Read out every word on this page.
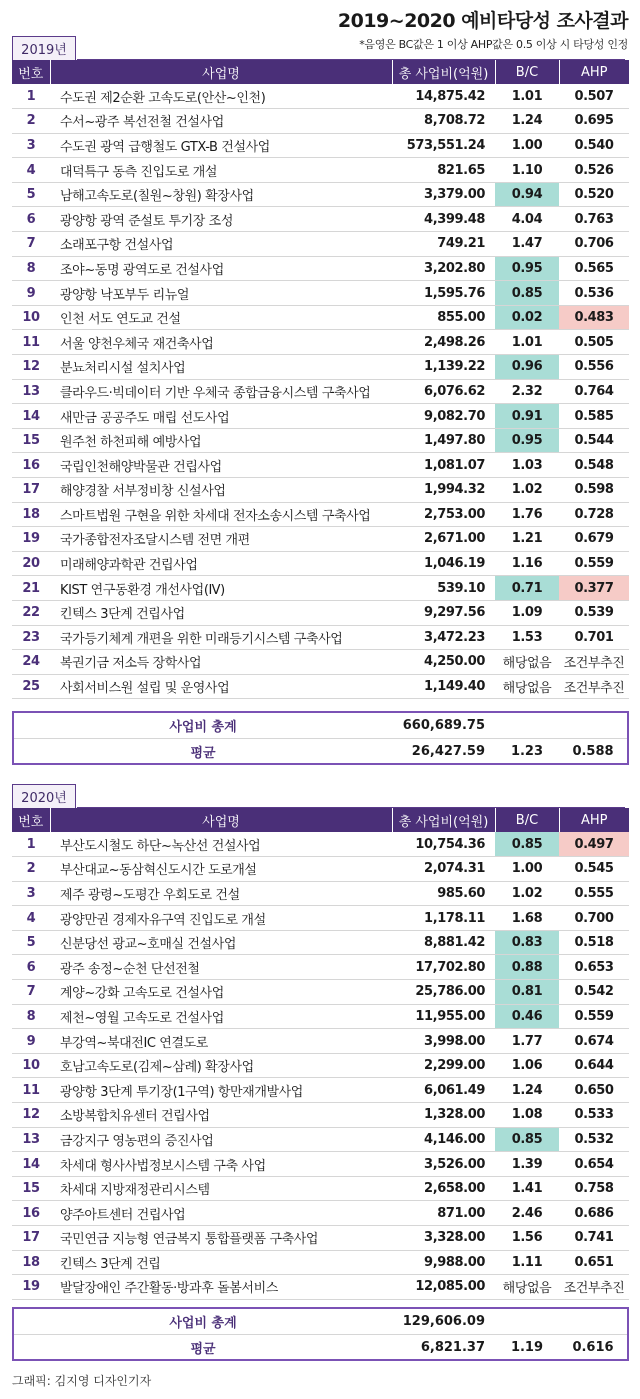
2019~2020 예비타당성 조사결과
*음영은 BC값은 1 이상 AHP값은 0.5 이상 시 타당성 인정
2019년
번호	사업명	총 사업비(억원)	B/C	AHP
1	수도권 제2순환 고속도로(안산~인천)	14,875.42	1.01	0.507
2	수서~광주 복선전철 건설사업	8,708.72	1.24	0.695
3	수도권 광역 급행철도 GTX-B 건설사업	573,551.24	1.00	0.540
4	대덕특구 동측 진입도로 개설	821.65	1.10	0.526
5	남해고속도로(칠원~창원) 확장사업	3,379.00	0.94	0.520
6	광양항 광역 준설토 투기장 조성	4,399.48	4.04	0.763
7	소래포구항 건설사업	749.21	1.47	0.706
8	조야~동명 광역도로 건설사업	3,202.80	0.95	0.565
9	광양항 낙포부두 리뉴얼	1,595.76	0.85	0.536
10	인천 서도 연도교 건설	855.00	0.02	0.483
11	서울 양천우체국 재건축사업	2,498.26	1.01	0.505
12	분뇨처리시설 설치사업	1,139.22	0.96	0.556
13	클라우드·빅데이터 기반 우체국 종합금융시스템 구축사업	6,076.62	2.32	0.764
14	새만금 공공주도 매립 선도사업	9,082.70	0.91	0.585
15	원주천 하천피해 예방사업	1,497.80	0.95	0.544
16	국립인천해양박물관 건립사업	1,081.07	1.03	0.548
17	해양경찰 서부정비창 신설사업	1,994.32	1.02	0.598
18	스마트법원 구현을 위한 차세대 전자소송시스템 구축사업	2,753.00	1.76	0.728
19	국가종합전자조달시스템 전면 개편	2,671.00	1.21	0.679
20	미래해양과학관 건립사업	1,046.19	1.16	0.559
21	KIST 연구동환경 개선사업(Ⅳ)	539.10	0.71	0.377
22	킨텍스 3단계 건립사업	9,297.56	1.09	0.539
23	국가등기체계 개편을 위한 미래등기시스템 구축사업	3,472.23	1.53	0.701
24	복권기금 저소득 장학사업	4,250.00	해당없음	조건부추진
25	사회서비스원 설립 및 운영사업	1,149.40	해당없음	조건부추진
사업비 총계	660,689.75
평균	26,427.59	1.23	0.588
2020년
번호	사업명	총 사업비(억원)	B/C	AHP
1	부산도시철도 하단~녹산선 건설사업	10,754.36	0.85	0.497
2	부산대교~동삼혁신도시간 도로개설	2,074.31	1.00	0.545
3	제주 광령~도평간 우회도로 건설	985.60	1.02	0.555
4	광양만권 경제자유구역 진입도로 개설	1,178.11	1.68	0.700
5	신분당선 광교~호매실 건설사업	8,881.42	0.83	0.518
6	광주 송정~순천 단선전철	17,702.80	0.88	0.653
7	계양~강화 고속도로 건설사업	25,786.00	0.81	0.542
8	제천~영월 고속도로 건설사업	11,955.00	0.46	0.559
9	부강역~북대전IC 연결도로	3,998.00	1.77	0.674
10	호남고속도로(김제~삼례) 확장사업	2,299.00	1.06	0.644
11	광양항 3단계 투기장(1구역) 항만재개발사업	6,061.49	1.24	0.650
12	소방복합치유센터 건립사업	1,328.00	1.08	0.533
13	금강지구 영농편의 증진사업	4,146.00	0.85	0.532
14	차세대 형사사법정보시스템 구축 사업	3,526.00	1.39	0.654
15	차세대 지방재정관리시스템	2,658.00	1.41	0.758
16	양주아트센터 건립사업	871.00	2.46	0.686
17	국민연금 지능형 연금복지 통합플랫폼 구축사업	3,328.00	1.56	0.741
18	킨텍스 3단계 건립	9,988.00	1.11	0.651
19	발달장애인 주간활동·방과후 돌봄서비스	12,085.00	해당없음	조건부추진
사업비 총계	129,606.09
평균	6,821.37	1.19	0.616
그래픽: 김지영 디자인기자
